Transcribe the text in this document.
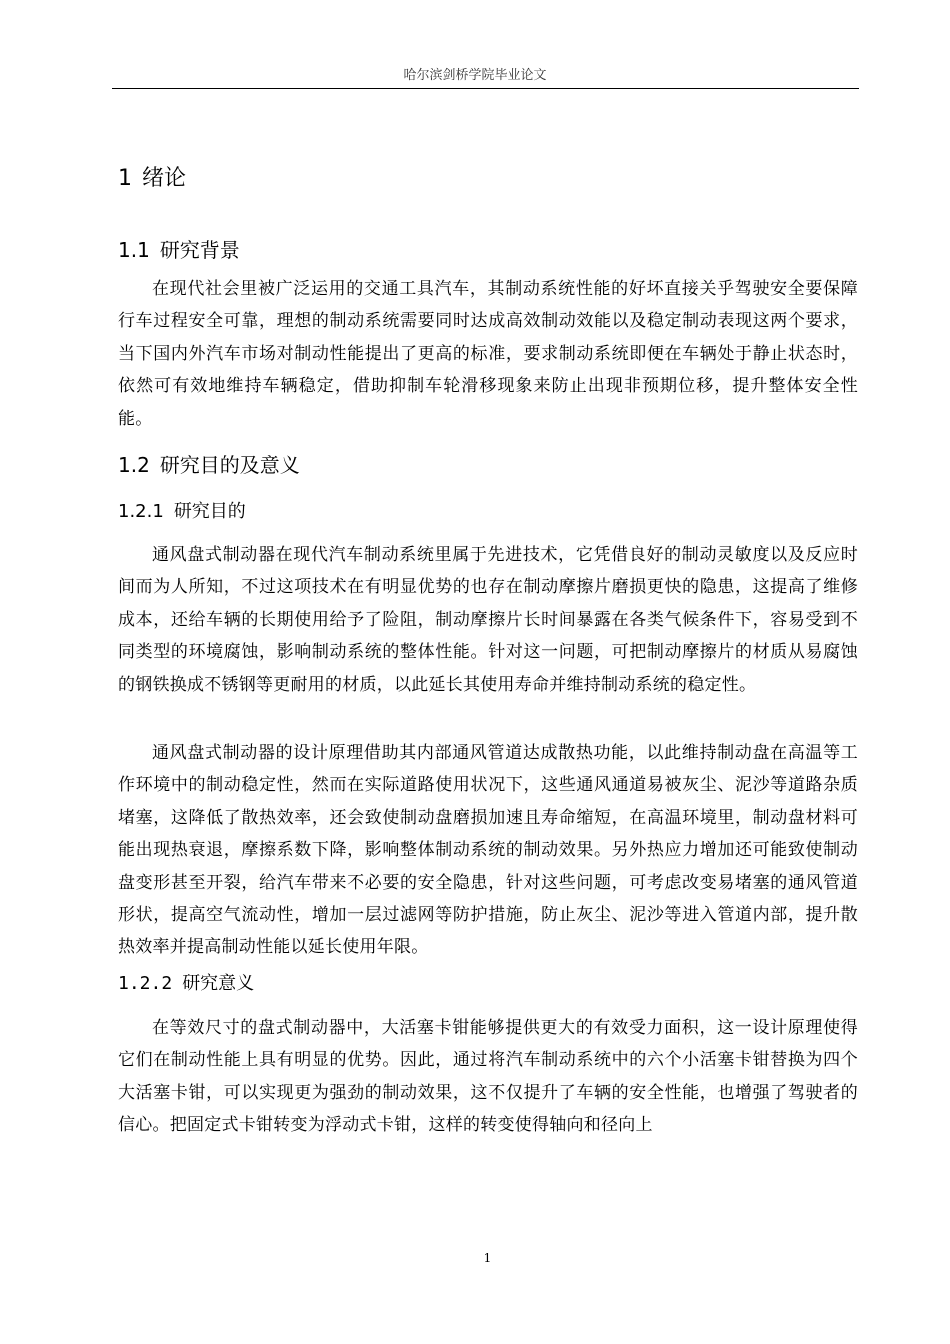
哈尔滨剑桥学院毕业论文
1 绪论
1.1 研究背景

在现代社会里被广泛运用的交通工具汽车，其制动系统性能的好坏直接关乎驾驶安全要保障行车过程安全可靠，理想的制动系统需要同时达成高效制动效能以及稳定制动表现这两个要求，当下国内外汽车市场对制动性能提出了更高的标准，要求制动系统即便在车辆处于静止状态时，依然可有效地维持车辆稳定，借助抑制车轮滑移现象来防止出现非预期位移，提升整体安全性能。

1.2 研究目的及意义
1.2.1 研究目的

通风盘式制动器在现代汽车制动系统里属于先进技术，它凭借良好的制动灵敏度以及反应时间而为人所知，不过这项技术在有明显优势的也存在制动摩擦片磨损更快的隐患，这提高了维修成本，还给车辆的长期使用给予了险阻，制动摩擦片长时间暴露在各类气候条件下，容易受到不同类型的环境腐蚀，影响制动系统的整体性能。针对这一问题，可把制动摩擦片的材质从易腐蚀的钢铁换成不锈钢等更耐用的材质，以此延长其使用寿命并维持制动系统的稳定性。

通风盘式制动器的设计原理借助其内部通风管道达成散热功能，以此维持制动盘在高温等工作环境中的制动稳定性，然而在实际道路使用状况下，这些通风通道易被灰尘、泥沙等道路杂质堵塞，这降低了散热效率，还会致使制动盘磨损加速且寿命缩短，在高温环境里，制动盘材料可能出现热衰退，摩擦系数下降，影响整体制动系统的制动效果。另外热应力增加还可能致使制动盘变形甚至开裂，给汽车带来不必要的安全隐患，针对这些问题，可考虑改变易堵塞的通风管道形状，提高空气流动性，增加一层过滤网等防护措施，防止灰尘、泥沙等进入管道内部，提升散热效率并提高制动性能以延长使用年限。

1.2.2 研究意义

在等效尺寸的盘式制动器中，大活塞卡钳能够提供更大的有效受力面积，这一设计原理使得它们在制动性能上具有明显的优势。因此，通过将汽车制动系统中的六个小活塞卡钳替换为四个大活塞卡钳，可以实现更为强劲的制动效果，这不仅提升了车辆的安全性能，也增强了驾驶者的信心。把固定式卡钳转变为浮动式卡钳，这样的转变使得轴向和径向上

1
